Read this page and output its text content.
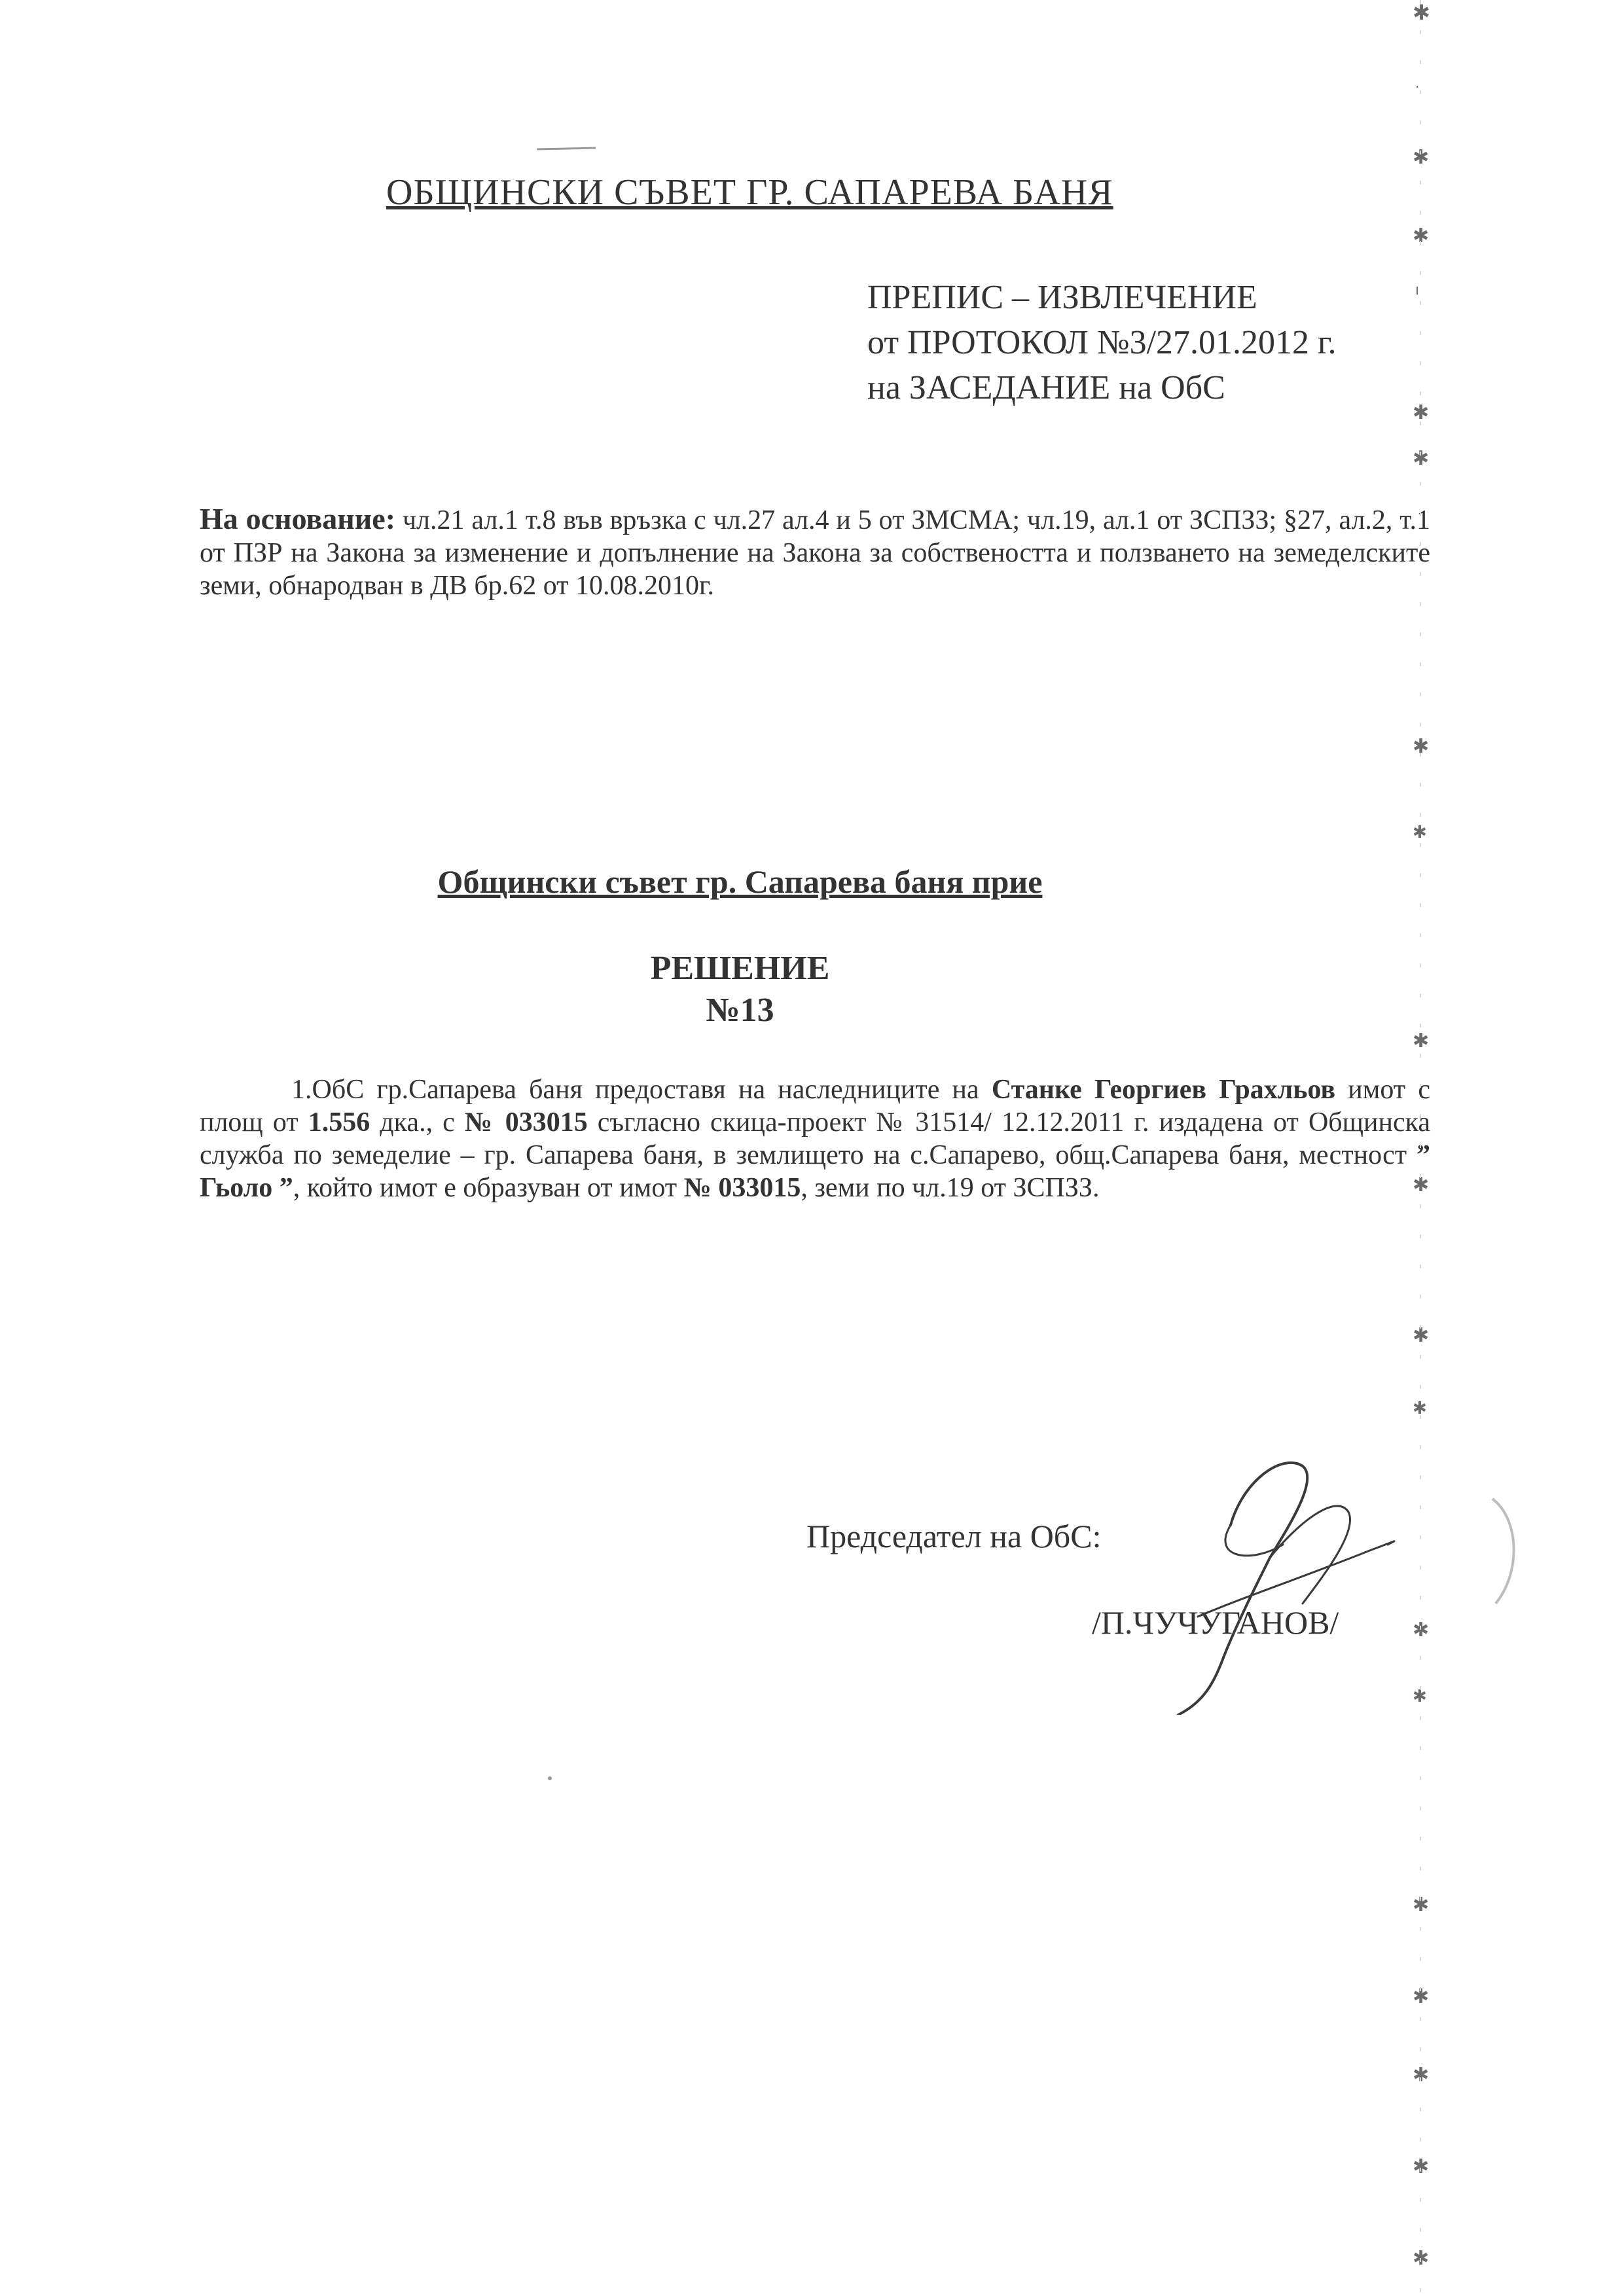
ОБЩИНСКИ СЪВЕТ ГР. САПАРЕВА БАНЯ
ПРЕПИС – ИЗВЛЕЧЕНИЕ
от ПРОТОКОЛ №3/27.01.2012 г.
на ЗАСЕДАНИЕ на ОбС
На основание: чл.21 ал.1 т.8 във връзка с чл.27 ал.4 и 5 от ЗМСМА; чл.19, ал.1 от ЗСПЗЗ; §27, ал.2, т.1 от ПЗР на Закона за изменение и допълнение на Закона за собствеността и ползването на земеделските земи, обнародван в ДВ бр.62 от 10.08.2010г.
Общински съвет гр. Сапарева баня прие
РЕШЕНИЕ
№13
1.ОбС гр.Сапарева баня предоставя на наследниците на Станке Георгиев Грахльов имот с площ от 1.556 дка., с № 033015 съгласно скица-проект № 31514/ 12.12.2011 г. издадена от Общинска служба по земеделие – гр. Сапарева баня, в землището на с.Сапарево, общ.Сапарева баня, местност ” Гьоло ”, който имот е образуван от имот № 033015, земи по чл.19 от ЗСПЗЗ.
Председател на ОбС:
/П.ЧУЧУГАНОВ/
✱
·
✱
✱
ı
✱
✱
✱
✱
✱
✱
✱
✱
✱
✱
✱
✱
✱
✱
✱
